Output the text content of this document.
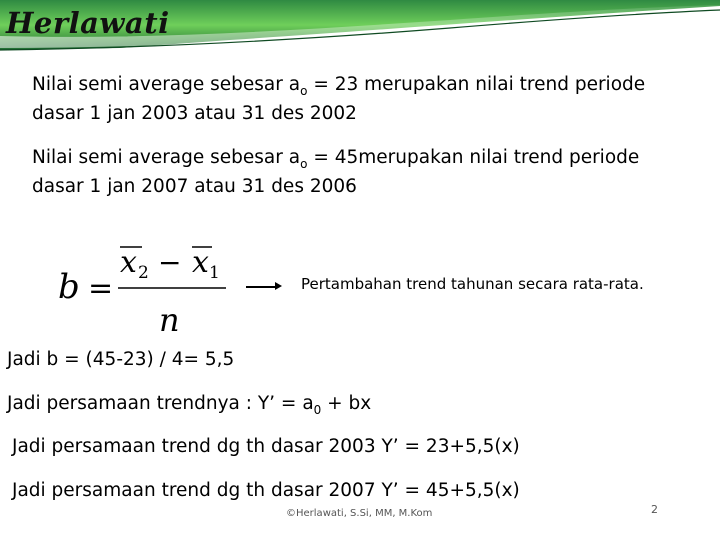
Herlawati
Nilai semi average sebesar $a_o = 23$ merupakan nilai trend periode
dasar 1 jan 2003 atau 31 des 2002
Nilai semi average sebesar $a_o$ = 45merupakan nilai trend periode
dasar 1 jan 2007 atau 31 des 2006
b =
x 2 − x 1
n
Pertambahan trend tahunan secara rata-rata.
Jadi b = (45-23) / 4= 5,5
Jadi persamaan trendnya : Y’ = $a_0$ + bx
Jadi persamaan trend dg th dasar 2003 Y’ = 23+5,5(x)
Jadi persamaan trend dg th dasar 2007 Y’ = 45+5,5(x)
©Herlawati, S.Si, MM, M.Kom	2
